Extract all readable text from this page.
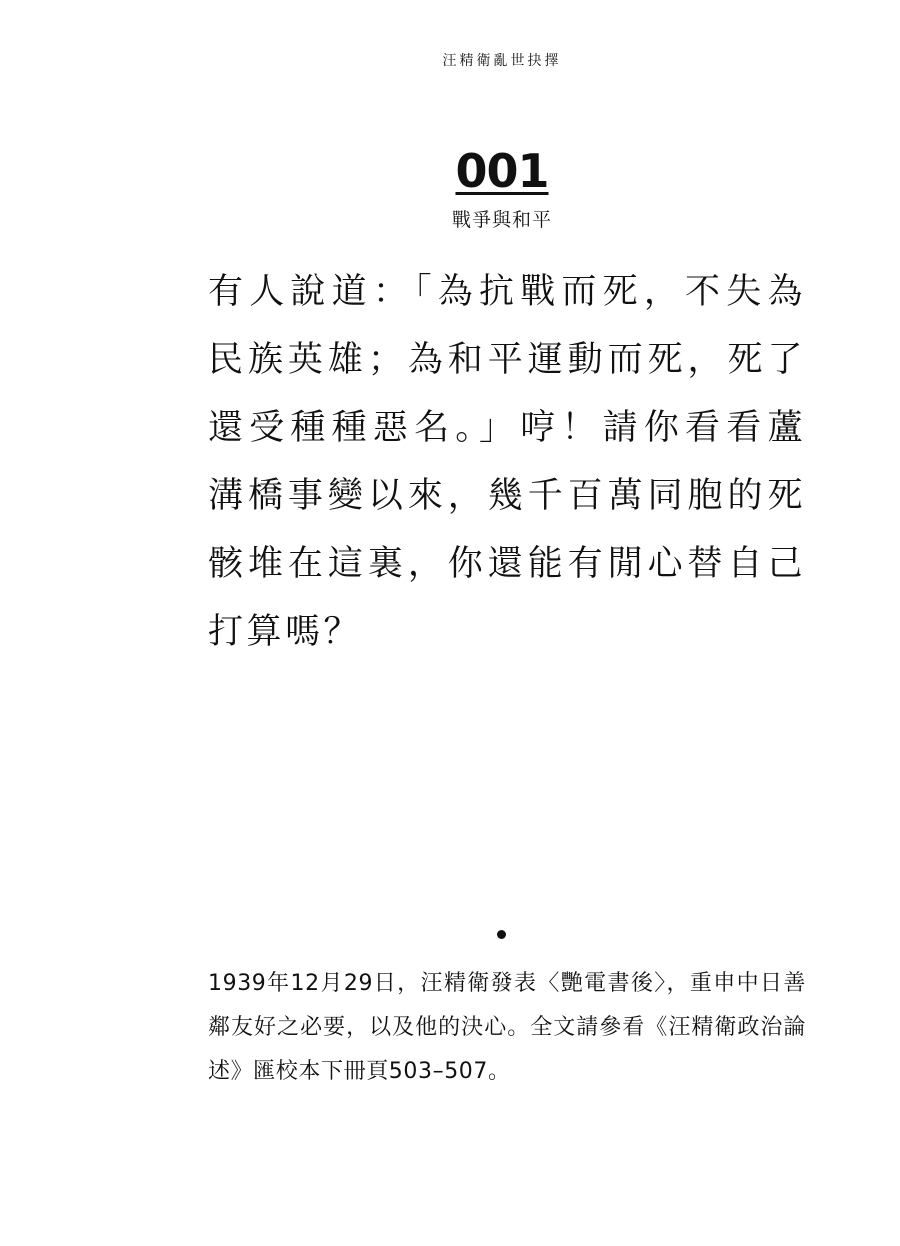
汪精衛亂世抉擇
001
戰爭與和平

有人說道：「為抗戰而死，不失為民族英雄；為和平運動而死，死了還受種種惡名。」哼！請你看看蘆溝橋事變以來，幾千百萬同胞的死骸堆在這裏，你還能有閒心替自己打算嗎？

1939年12月29日，汪精衛發表〈艷電書後〉，重申中日善鄰友好之必要，以及他的決心。全文請參看《汪精衛政治論述》匯校本下冊頁503–507。
